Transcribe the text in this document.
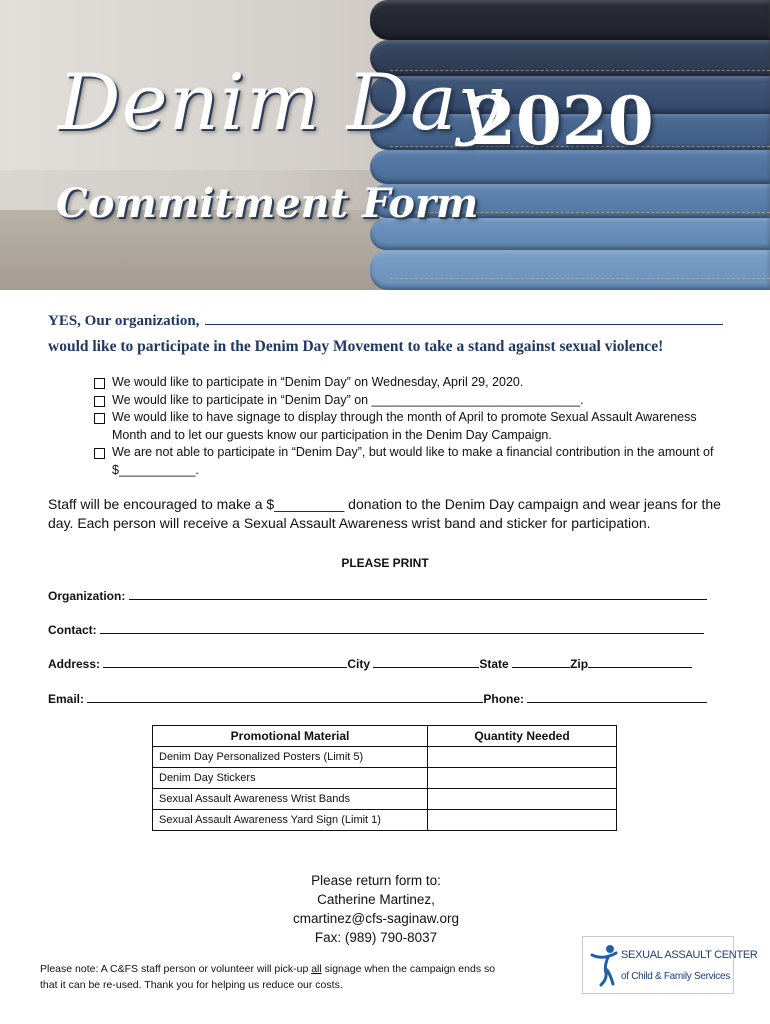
Denim Day
2020
Commitment Form
YES, Our organization,
would like to participate in the Denim Day Movement to take a stand against sexual violence!
We would like to participate in “Denim Day” on Wednesday, April 29, 2020.
We would like to participate in “Denim Day” on ______________________________.
We would like to have signage to display through the month of April to promote Sexual Assault Awareness Month and to let our guests know our participation in the Denim Day Campaign.
We are not able to participate in “Denim Day”, but would like to make a financial contribution in the amount of $___________.
Staff will be encouraged to make a $_________ donation to the Denim Day campaign and wear jeans for the day. Each person will receive a Sexual Assault Awareness wrist band and sticker for participation.
PLEASE PRINT
Organization:
Contact:
Address:	City	State	Zip
Email:	Phone:
Promotional Material	Quantity Needed
Denim Day Personalized Posters (Limit 5)	
Denim Day Stickers	
Sexual Assault Awareness Wrist Bands	
Sexual Assault Awareness Yard Sign (Limit 1)	
Please return form to:
Catherine Martinez,
cmartinez@cfs-saginaw.org
Fax: (989) 790-8037
Please note: A C&FS staff person or volunteer will pick-up all signage when the campaign ends so that it can be re-used. Thank you for helping us reduce our costs.
SEXUAL ASSAULT CENTER
of Child & Family Services
